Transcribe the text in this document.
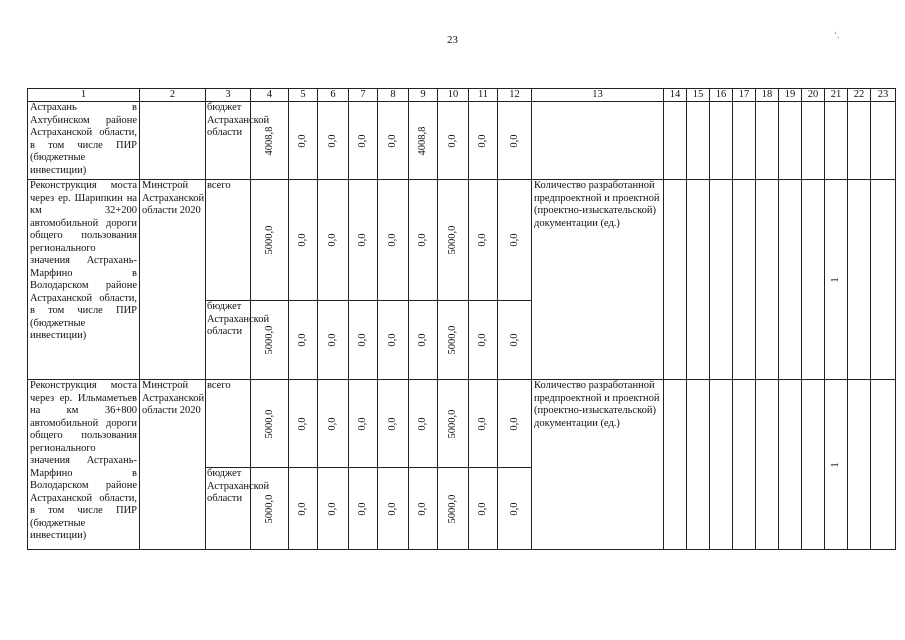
23	ʻ.
1	2	3	4	5	6	7	8	9	10	11	12	13	14	15	16	17	18	19	20	21	22	23
Астрахань в Ахтубинском районе Астраханской области, в том числе ПИР (бюджетные инвестиции)		бюджет Астраханской области	4008,8	0,0	0,0	0,0	0,0	4008,8	0,0	0,0	0,0											

Реконструкция моста через ер. Шарипкин на км 32+200 автомобильной дороги общего пользования регионального значения Астрахань-Марфино в Володарском районе Астраханской области, в том числе ПИР (бюджетные инвестиции)	Минстрой Астраханской области 2020	всего	5000,0	0,0	0,0	0,0	0,0	0,0	5000,0	0,0	0,0	Количество разработанной предпроектной и проектной (проектно-изыскательской) документации (ед.)								1		

		бюджет Астраханской области	5000,0	0,0	0,0	0,0	0,0	0,0	5000,0	0,0	0,0											

Реконструкция моста через ер. Ильмаметьев на км 36+800 автомобильной дороги общего пользования регионального значения Астрахань-Марфино в Володарском районе Астраханской области, в том числе ПИР (бюджетные инвестиции)	Минстрой Астраханской области 2020	всего	5000,0	0,0	0,0	0,0	0,0	0,0	5000,0	0,0	0,0	Количество разработанной предпроектной и проектной (проектно-изыскательской) документации (ед.)								1		

		бюджет Астраханской области	5000,0	0,0	0,0	0,0	0,0	0,0	5000,0	0,0	0,0											
